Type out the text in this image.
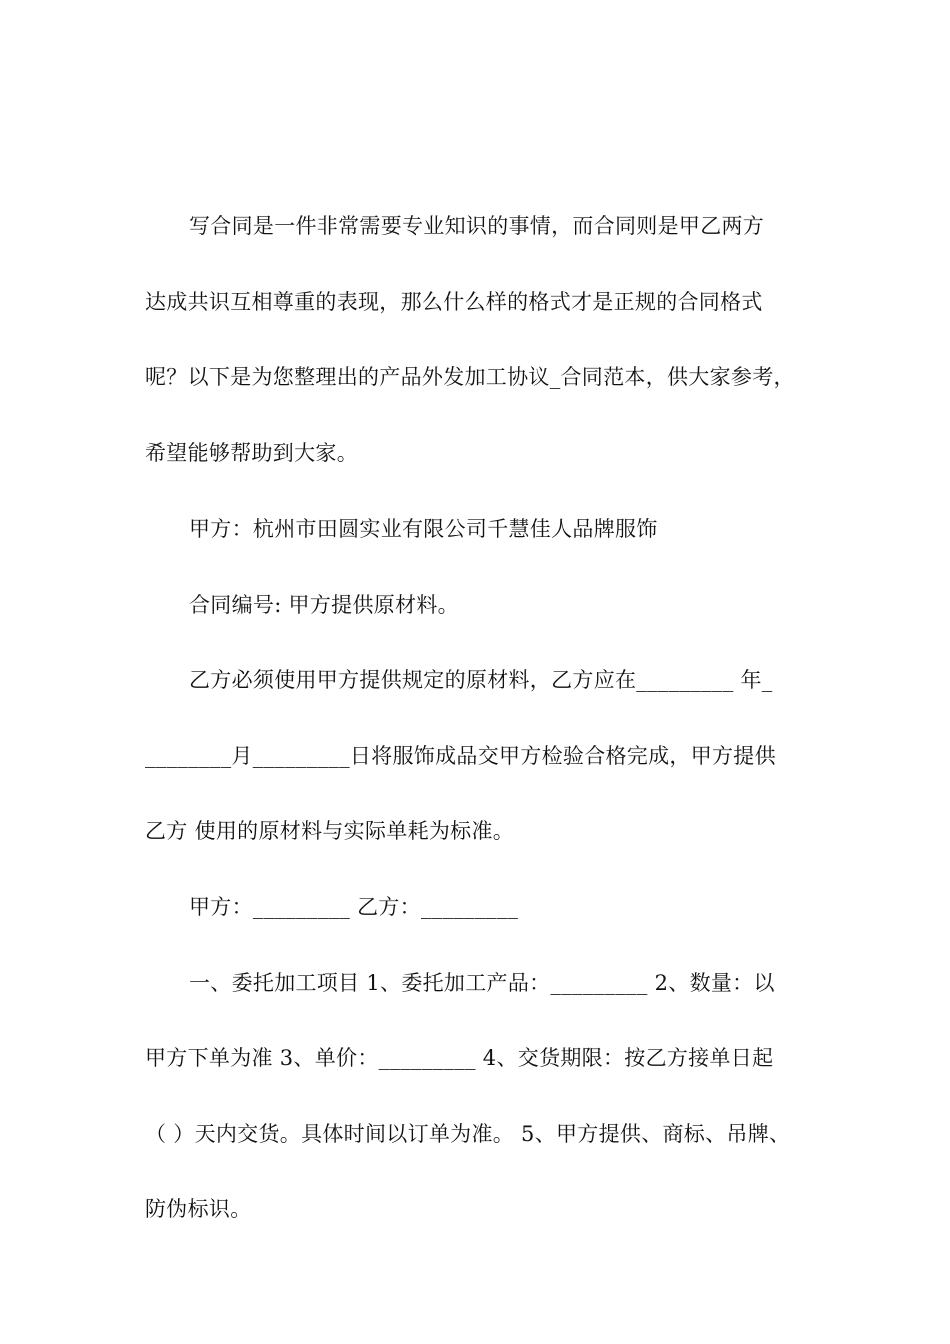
写合同是一件非常需要专业知识的事情，而合同则是甲乙两方
达成共识互相尊重的表现，那么什么样的格式才是正规的合同格式
呢？以下是为您整理出的产品外发加工协议_合同范本，供大家参考，
希望能够帮助到大家。
甲方：杭州市田圆实业有限公司千慧佳人品牌服饰
合同编号: 甲方提供原材料。
乙方必须使用甲方提供规定的原材料，乙方应在_________ 年_
________月_________日将服饰成品交甲方检验合格完成，甲方提供
乙方 使用的原材料与实际单耗为标准。
甲方：_________ 乙方：_________
一、委托加工项目 1、委托加工产品：_________ 2、数量：以
甲方下单为准 3、单价：_________ 4、交货期限：按乙方接单日起
（ ）天内交货。具体时间以订单为准。 5、甲方提供、商标、吊牌、
防伪标识。
